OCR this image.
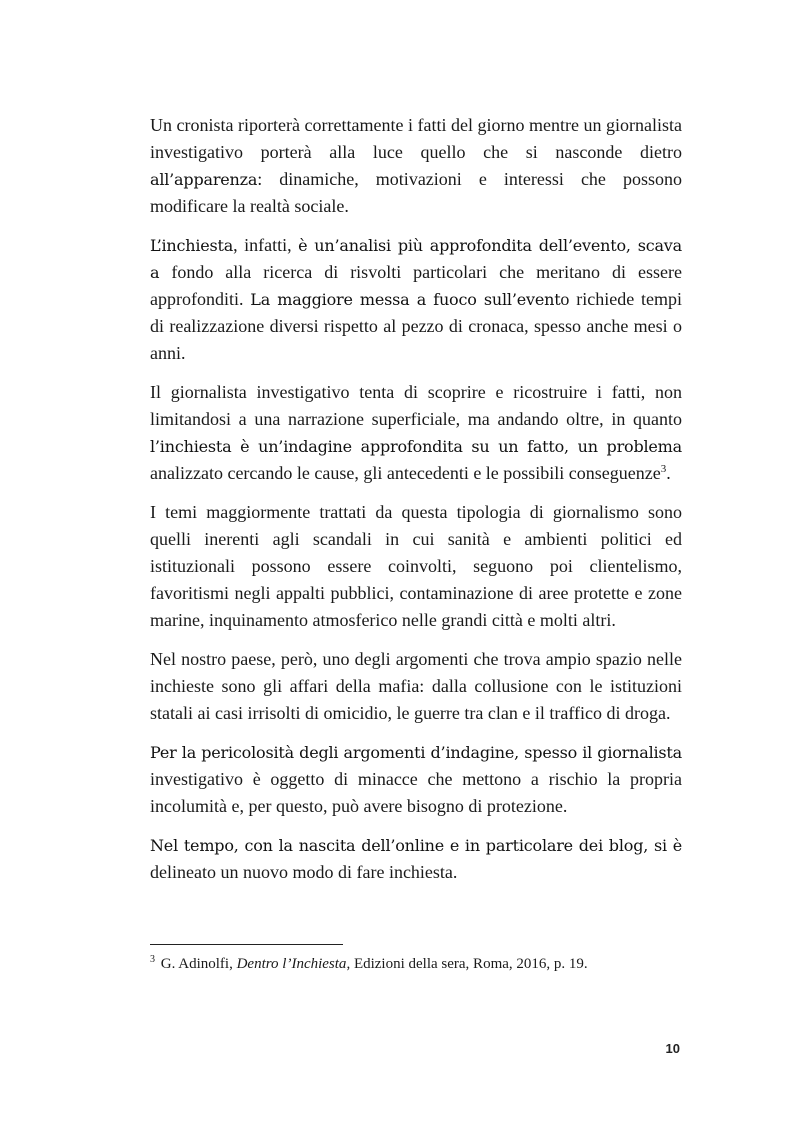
Un cronista riporterà correttamente i fatti del giorno mentre un giornalista investigativo porterà alla luce quello che si nasconde dietro all’apparenza: dinamiche, motivazioni e interessi che possono modificare la realtà sociale.

L’inchiesta, infatti, è un’analisi più approfondita dell’evento, scava a fondo alla ricerca di risvolti particolari che meritano di essere approfonditi. La maggiore messa a fuoco sull’evento richiede tempi di realizzazione diversi rispetto al pezzo di cronaca, spesso anche mesi o anni.

Il giornalista investigativo tenta di scoprire e ricostruire i fatti, non limitandosi a una narrazione superficiale, ma andando oltre, in quanto l’inchiesta è un’indagine approfondita su un fatto, un problema analizzato cercando le cause, gli antecedenti e le possibili conseguenze$^3$.

I temi maggiormente trattati da questa tipologia di giornalismo sono quelli inerenti agli scandali in cui sanità e ambienti politici ed istituzionali possono essere coinvolti, seguono poi clientelismo, favoritismi negli appalti pubblici, contaminazione di aree protette e zone marine, inquinamento atmosferico nelle grandi città e molti altri.

Nel nostro paese, però, uno degli argomenti che trova ampio spazio nelle inchieste sono gli affari della mafia: dalla collusione con le istituzioni statali ai casi irrisolti di omicidio, le guerre tra clan e il traffico di droga.

Per la pericolosità degli argomenti d’indagine, spesso il giornalista investigativo è oggetto di minacce che mettono a rischio la propria incolumità e, per questo, può avere bisogno di protezione.

Nel tempo, con la nascita dell’online e in particolare dei blog, si è delineato un nuovo modo di fare inchiesta.

$^3$ G. Adinolfi, Dentro l’Inchiesta, Edizioni della sera, Roma, 2016, p. 19.
10
